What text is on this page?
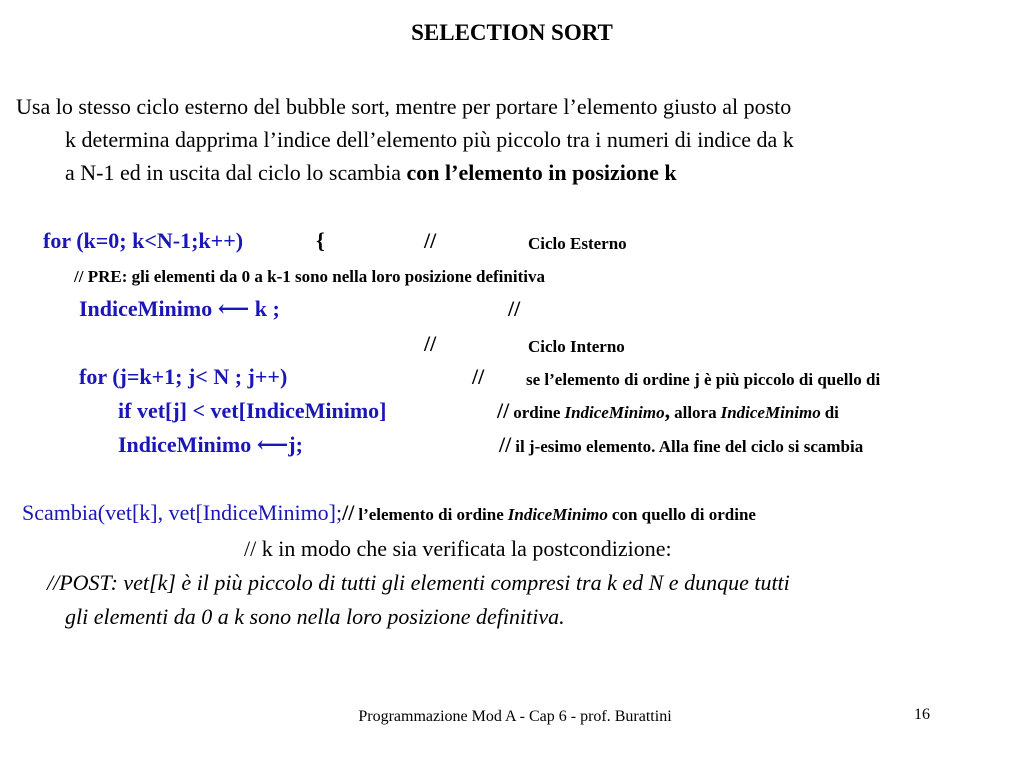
SELECTION SORT
Usa lo stesso ciclo esterno del bubble sort, mentre per portare l’elemento giusto al posto
k determina dapprima l’indice dell’elemento più piccolo tra i numeri di indice da k
a N-1 ed in uscita dal ciclo lo scambia con l’elemento in posizione k
for (k=0; k<N-1;k++)	{	//	Ciclo Esterno
// PRE: gli elementi da 0 a k-1 sono nella loro posizione definitiva
IndiceMinimo ⟵ k ;	//
//	Ciclo Interno
for (j=k+1; j< N ; j++)	// se l’elemento di ordine j è più piccolo di quello di
if vet[j] < vet[IndiceMinimo]	// ordine IndiceMinimo, allora IndiceMinimo di
IndiceMinimo ⟵j;	// il j-esimo elemento. Alla fine del ciclo si scambia
Scambia(vet[k], vet[IndiceMinimo];// l’elemento di ordine IndiceMinimo con quello di ordine
// k in modo che sia verificata la postcondizione:
//POST: vet[k] è il più piccolo di tutti gli elementi compresi tra k ed N e dunque tutti
gli elementi da 0 a k sono nella loro posizione definitiva.
Programmazione Mod A - Cap 6 - prof. Burattini	16
